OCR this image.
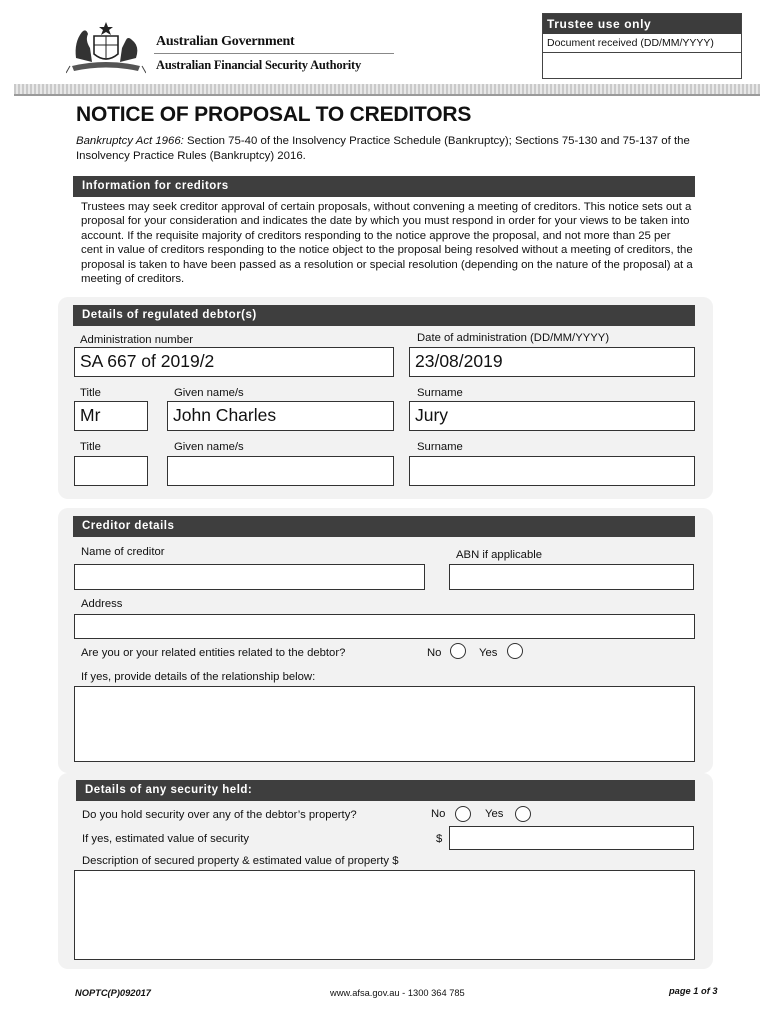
Australian Government
Australian Financial Security Authority
Trustee use only
Document received (DD/MM/YYYY)
NOTICE OF PROPOSAL TO CREDITORS
Bankruptcy Act 1966: Section 75-40 of the Insolvency Practice Schedule (Bankruptcy); Sections 75-130 and 75-137 of the Insolvency Practice Rules (Bankruptcy) 2016.
Information for creditors
Trustees may seek creditor approval of certain proposals, without convening a meeting of creditors. This notice sets out a proposal for your consideration and indicates the date by which you must respond in order for your views to be taken into account. If the requisite majority of creditors responding to the notice approve the proposal, and not more than 25 per cent in value of creditors responding to the notice object to the proposal being resolved without a meeting of creditors, the proposal is taken to have been passed as a resolution or special resolution (depending on the nature of the proposal) at a meeting of creditors.
Details of regulated debtor(s)
Administration number	Date of administration (DD/MM/YYYY)
SA 667 of 2019/2	23/08/2019
Title	Given name/s	Surname
Mr	John Charles	Jury
Title	Given name/s	Surname
Creditor details
Name of creditor	ABN if applicable
Address
Are you or your related entities related to the debtor?	No	Yes
If yes, provide details of the relationship below:
Details of any security held:
Do you hold security over any of the debtor’s property?	No	Yes
If yes, estimated value of security	$
Description of secured property & estimated value of property $
NOPTC(P)092017	www.afsa.gov.au - 1300 364 785	page 1 of 3
